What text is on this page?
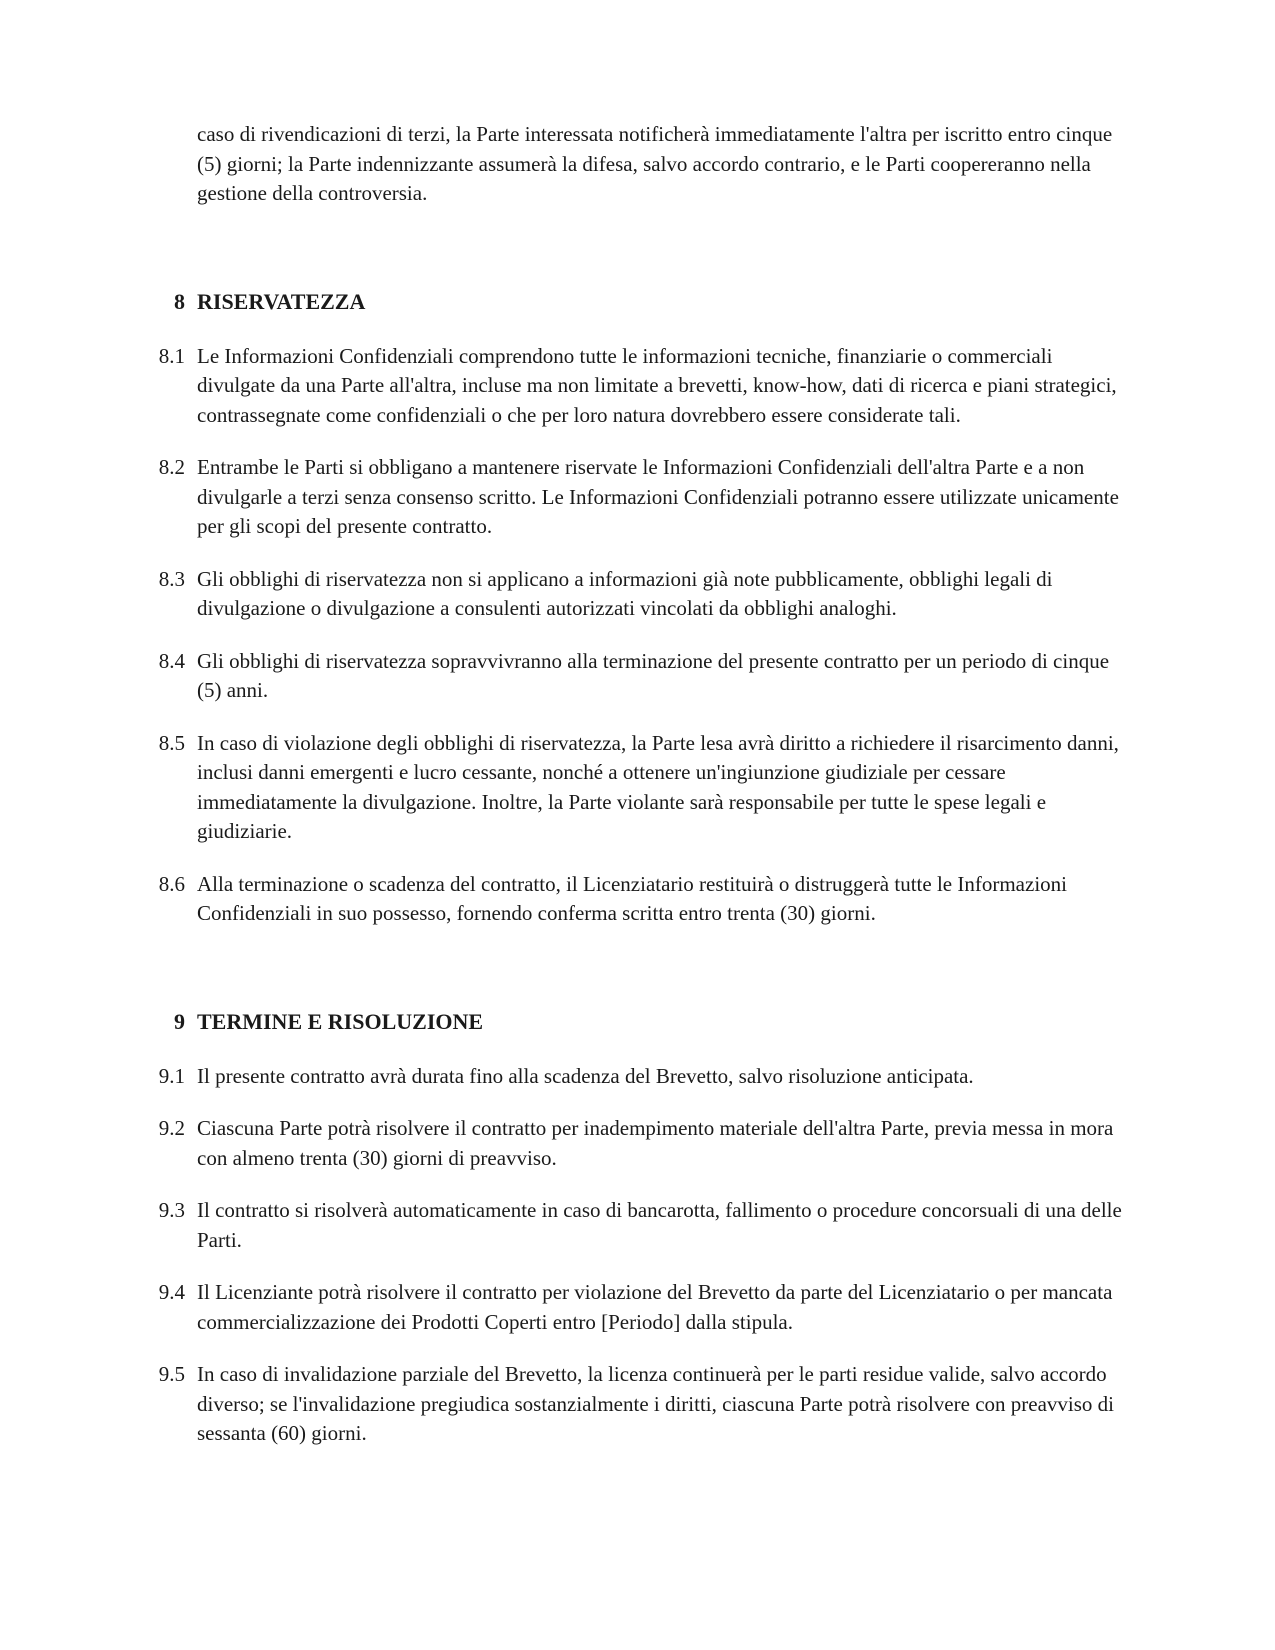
caso di rivendicazioni di terzi, la Parte interessata notificherà immediatamente l'altra per iscritto entro cinque (5) giorni; la Parte indennizzante assumerà la difesa, salvo accordo contrario, e le Parti coopereranno nella gestione della controversia.

8 RISERVATEZZA
8.1 Le Informazioni Confidenziali comprendono tutte le informazioni tecniche, finanziarie o commerciali divulgate da una Parte all'altra, incluse ma non limitate a brevetti, know-how, dati di ricerca e piani strategici, contrassegnate come confidenziali o che per loro natura dovrebbero essere considerate tali.
8.2 Entrambe le Parti si obbligano a mantenere riservate le Informazioni Confidenziali dell'altra Parte e a non divulgarle a terzi senza consenso scritto. Le Informazioni Confidenziali potranno essere utilizzate unicamente per gli scopi del presente contratto.
8.3 Gli obblighi di riservatezza non si applicano a informazioni già note pubblicamente, obblighi legali di divulgazione o divulgazione a consulenti autorizzati vincolati da obblighi analoghi.
8.4 Gli obblighi di riservatezza sopravvivranno alla terminazione del presente contratto per un periodo di cinque (5) anni.
8.5 In caso di violazione degli obblighi di riservatezza, la Parte lesa avrà diritto a richiedere il risarcimento danni, inclusi danni emergenti e lucro cessante, nonché a ottenere un'ingiunzione giudiziale per cessare immediatamente la divulgazione. Inoltre, la Parte violante sarà responsabile per tutte le spese legali e giudiziarie.
8.6 Alla terminazione o scadenza del contratto, il Licenziatario restituirà o distruggerà tutte le Informazioni Confidenziali in suo possesso, fornendo conferma scritta entro trenta (30) giorni.
9 TERMINE E RISOLUZIONE
9.1 Il presente contratto avrà durata fino alla scadenza del Brevetto, salvo risoluzione anticipata.
9.2 Ciascuna Parte potrà risolvere il contratto per inadempimento materiale dell'altra Parte, previa messa in mora con almeno trenta (30) giorni di preavviso.
9.3 Il contratto si risolverà automaticamente in caso di bancarotta, fallimento o procedure concorsuali di una delle Parti.
9.4 Il Licenziante potrà risolvere il contratto per violazione del Brevetto da parte del Licenziatario o per mancata commercializzazione dei Prodotti Coperti entro [Periodo] dalla stipula.
9.5 In caso di invalidazione parziale del Brevetto, la licenza continuerà per le parti residue valide, salvo accordo diverso; se l'invalidazione pregiudica sostanzialmente i diritti, ciascuna Parte potrà risolvere con preavviso di sessanta (60) giorni.
